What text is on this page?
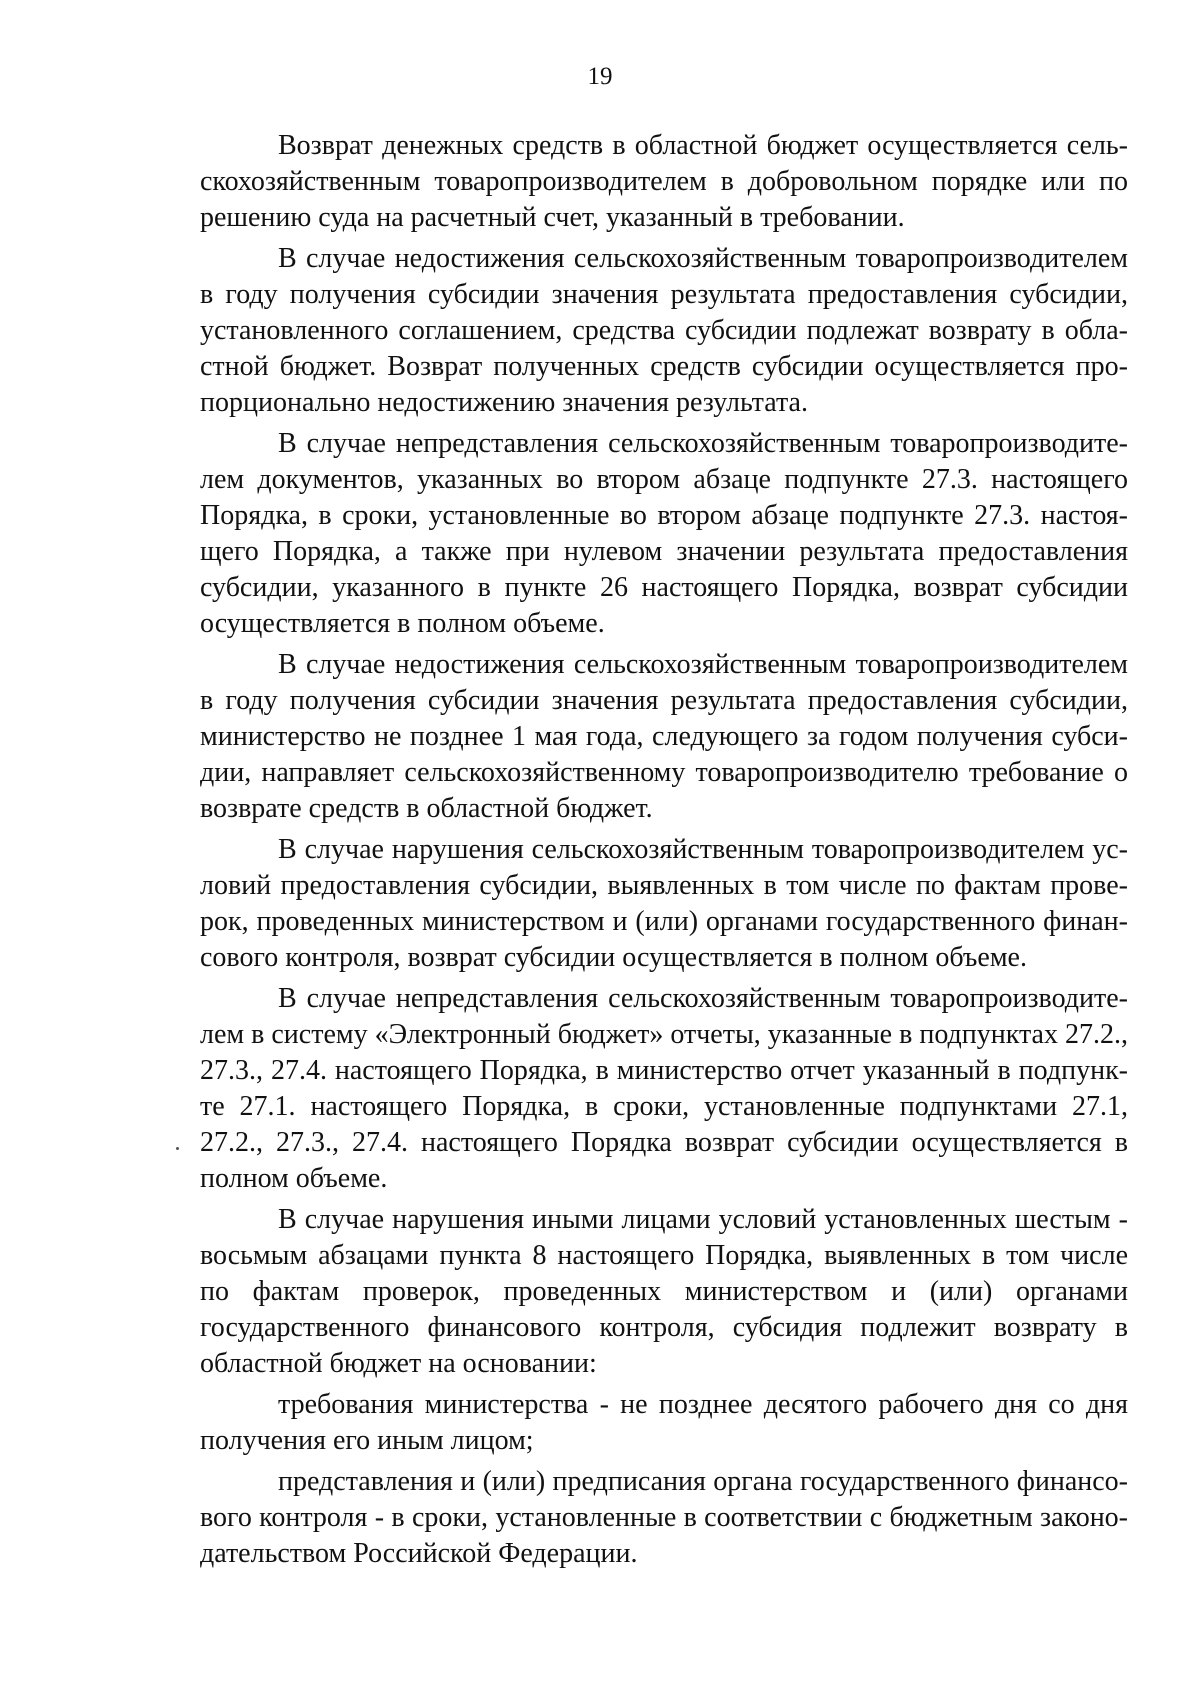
19

Возврат денежных средств в областной бюджет осуществляется сельскохозяйственным товаропроизводителем в добровольном порядке или по решению суда на расчетный счет, указанный в требовании.

В случае недостижения сельскохозяйственным товаропроизводителем в году получения субсидии значения результата предоставления субсидии, установленного соглашением, средства субсидии подлежат возврату в областной бюджет. Возврат полученных средств субсидии осуществляется пропорционально недостижению значения результата.

В случае непредставления сельскохозяйственным товаропроизводителем документов, указанных во втором абзаце подпункте 27.3. настоящего Порядка, в сроки, установленные во втором абзаце подпункте 27.3. настоящего Порядка, а также при нулевом значении результата предоставления субсидии, указанного в пункте 26 настоящего Порядка, возврат субсидии осуществляется в полном объеме.

В случае недостижения сельскохозяйственным товаропроизводителем в году получения субсидии значения результата предоставления субсидии, министерство не позднее 1 мая года, следующего за годом получения субсидии, направляет сельскохозяйственному товаропроизводителю требование о возврате средств в областной бюджет.

В случае нарушения сельскохозяйственным товаропроизводителем условий предоставления субсидии, выявленных в том числе по фактам проверок, проведенных министерством и (или) органами государственного финансового контроля, возврат субсидии осуществляется в полном объеме.

В случае непредставления сельскохозяйственным товаропроизводителем в систему «Электронный бюджет» отчеты, указанные в подпунктах 27.2., 27.3., 27.4. настоящего Порядка, в министерство отчет указанный в подпункте 27.1. настоящего Порядка, в сроки, установленные подпунктами 27.1, 27.2., 27.3., 27.4. настоящего Порядка возврат субсидии осуществляется в полном объеме.

В случае нарушения иными лицами условий установленных шестым - восьмым абзацами пункта 8 настоящего Порядка, выявленных в том числе по фактам проверок, проведенных министерством и (или) органами государственного финансового контроля, субсидия подлежит возврату в областной бюджет на основании:

требования министерства - не позднее десятого рабочего дня со дня получения его иным лицом;

представления и (или) предписания органа государственного финансового контроля - в сроки, установленные в соответствии с бюджетным законодательством Российской Федерации.
